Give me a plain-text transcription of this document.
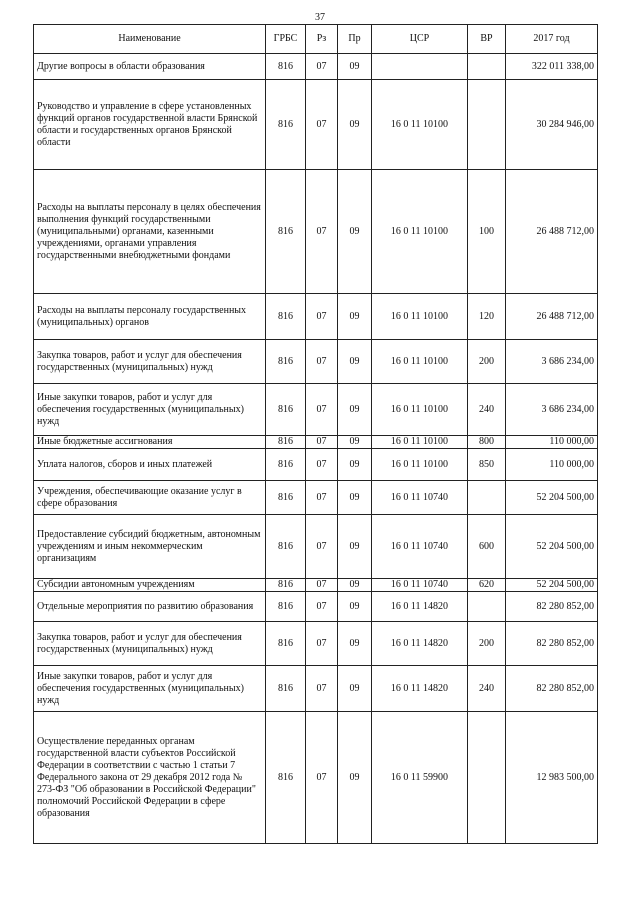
37
Наименование	ГРБС	Рз	Пр	ЦСР	ВР	2017 год
Другие вопросы в области образования	816	07	09			322 011 338,00
Руководство и управление в сфере установленных функций органов государственной власти Брянской области и государственных органов Брянской области	816	07	09	16 0 11 10100		30 284 946,00
Расходы на выплаты персоналу в целях обеспечения выполнения функций государственными (муниципальными) органами, казенными учреждениями, органами управления государственными внебюджетными фондами	816	07	09	16 0 11 10100	100	26 488 712,00
Расходы на выплаты персоналу государственных (муниципальных) органов	816	07	09	16 0 11 10100	120	26 488 712,00
Закупка товаров, работ и услуг для обеспечения государственных (муниципальных) нужд	816	07	09	16 0 11 10100	200	3 686 234,00
Иные закупки товаров, работ и услуг для обеспечения государственных (муниципальных) нужд	816	07	09	16 0 11 10100	240	3 686 234,00
Иные бюджетные ассигнования	816	07	09	16 0 11 10100	800	110 000,00
Уплата налогов, сборов и иных платежей	816	07	09	16 0 11 10100	850	110 000,00
Учреждения, обеспечивающие оказание услуг в сфере образования	816	07	09	16 0 11 10740		52 204 500,00
Предоставление субсидий бюджетным, автономным учреждениям и иным некоммерческим организациям	816	07	09	16 0 11 10740	600	52 204 500,00
Субсидии автономным учреждениям	816	07	09	16 0 11 10740	620	52 204 500,00
Отдельные мероприятия по развитию образования	816	07	09	16 0 11 14820		82 280 852,00
Закупка товаров, работ и услуг для обеспечения государственных (муниципальных) нужд	816	07	09	16 0 11 14820	200	82 280 852,00
Иные закупки товаров, работ и услуг для обеспечения государственных (муниципальных) нужд	816	07	09	16 0 11 14820	240	82 280 852,00
Осуществление переданных органам государственной власти субъектов Российской Федерации в соответствии с частью 1 статьи 7 Федерального закона от 29 декабря 2012 года № 273-ФЗ "Об образовании в Российской Федерации" полномочий Российской Федерации в сфере образования	816	07	09	16 0 11 59900		12 983 500,00
